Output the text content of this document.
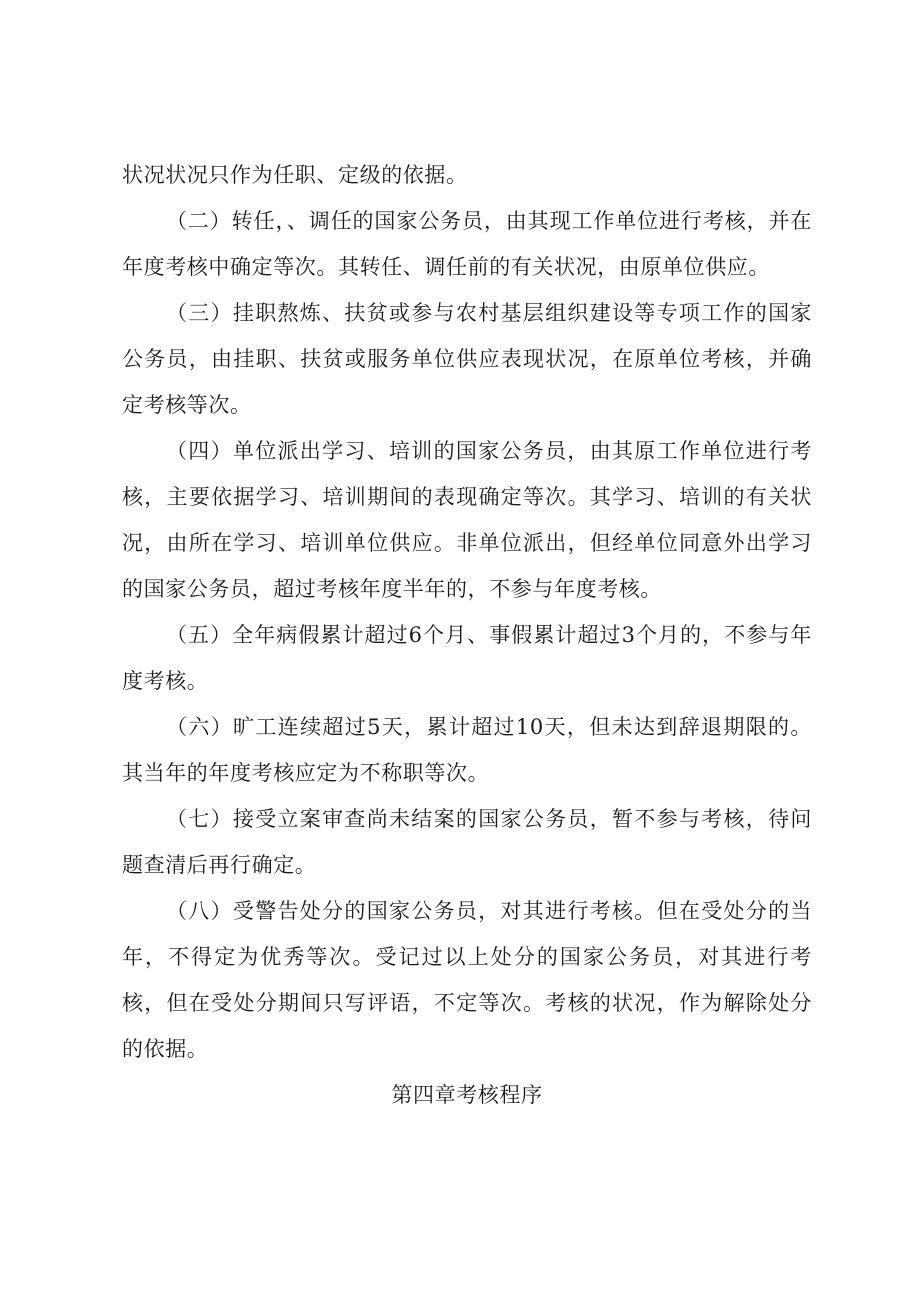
状况状况只作为任职、定级的依据。

（二）转任，、调任的国家公务员，由其现工作单位进行考核，并在年度考核中确定等次。其转任、调任前的有关状况，由原单位供应。

（三）挂职熬炼、扶贫或参与农村基层组织建设等专项工作的国家公务员，由挂职、扶贫或服务单位供应表现状况，在原单位考核，并确定考核等次。

（四）单位派出学习、培训的国家公务员，由其原工作单位进行考核，主要依据学习、培训期间的表现确定等次。其学习、培训的有关状况，由所在学习、培训单位供应。非单位派出，但经单位同意外出学习的国家公务员，超过考核年度半年的，不参与年度考核。

（五）全年病假累计超过6个月、事假累计超过3个月的，不参与年度考核。

（六）旷工连续超过5天，累计超过10天，但未达到辞退期限的。其当年的年度考核应定为不称职等次。

（七）接受立案审查尚未结案的国家公务员，暂不参与考核，待问题查清后再行确定。

（八）受警告处分的国家公务员，对其进行考核。但在受处分的当年，不得定为优秀等次。受记过以上处分的国家公务员，对其进行考核，但在受处分期间只写评语，不定等次。考核的状况，作为解除处分的依据。

第四章考核程序
